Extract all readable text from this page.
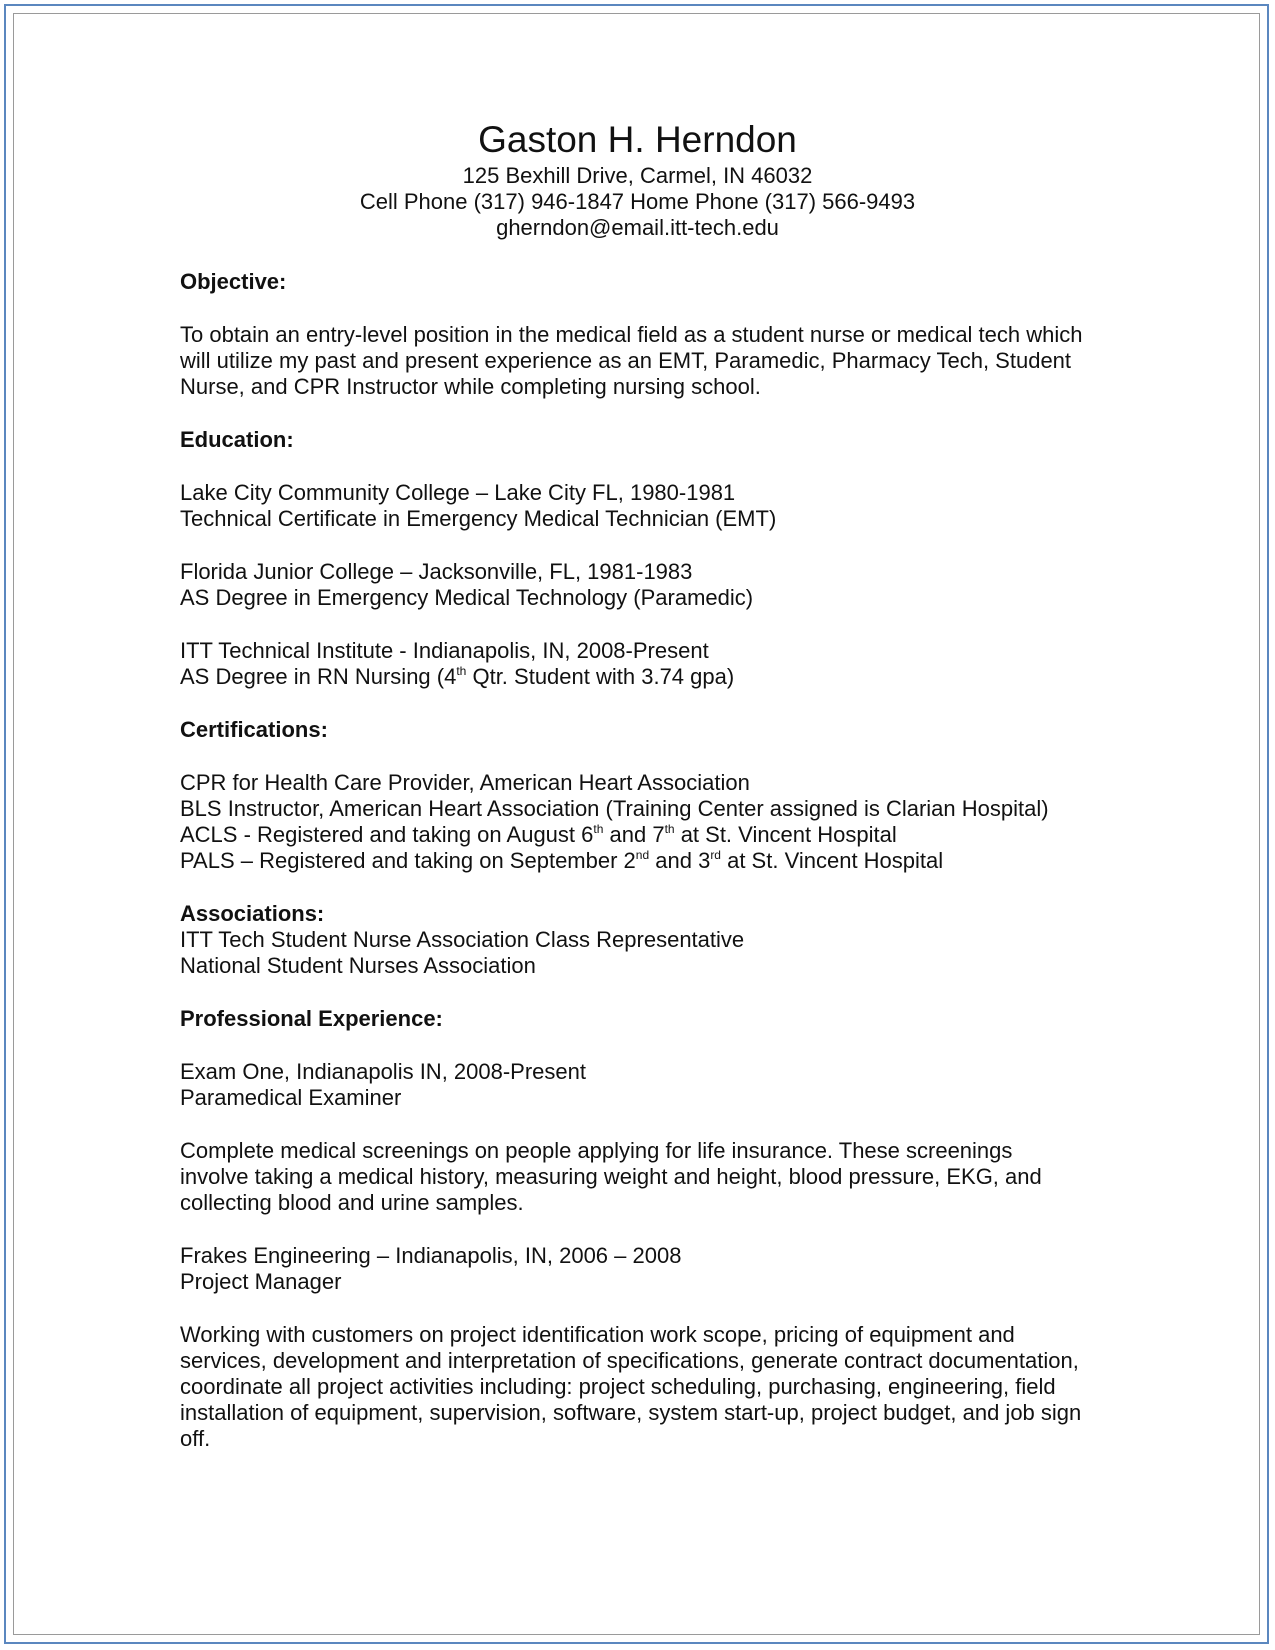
Gaston H. Herndon
125 Bexhill Drive, Carmel, IN 46032
Cell Phone (317) 946-1847 Home Phone (317) 566-9493
gherndon@email.itt-tech.edu
Objective:
To obtain an entry-level position in the medical field as a student nurse or medical tech which
will utilize my past and present experience as an EMT, Paramedic, Pharmacy Tech, Student
Nurse, and CPR Instructor while completing nursing school.
Education:
Lake City Community College – Lake City FL, 1980-1981
Technical Certificate in Emergency Medical Technician (EMT)
Florida Junior College – Jacksonville, FL, 1981-1983
AS Degree in Emergency Medical Technology (Paramedic)
ITT Technical Institute - Indianapolis, IN, 2008-Present
AS Degree in RN Nursing (4th Qtr. Student with 3.74 gpa)
Certifications:
CPR for Health Care Provider, American Heart Association
BLS Instructor, American Heart Association (Training Center assigned is Clarian Hospital)
ACLS - Registered and taking on August 6th and 7th at St. Vincent Hospital
PALS – Registered and taking on September 2nd and 3rd at St. Vincent Hospital
Associations:
ITT Tech Student Nurse Association Class Representative
National Student Nurses Association
Professional Experience:
Exam One, Indianapolis IN, 2008-Present
Paramedical Examiner
Complete medical screenings on people applying for life insurance. These screenings
involve taking a medical history, measuring weight and height, blood pressure, EKG, and
collecting blood and urine samples.
Frakes Engineering – Indianapolis, IN, 2006 – 2008
Project Manager
Working with customers on project identification work scope, pricing of equipment and
services, development and interpretation of specifications, generate contract documentation,
coordinate all project activities including: project scheduling, purchasing, engineering, field
installation of equipment, supervision, software, system start-up, project budget, and job sign
off.
